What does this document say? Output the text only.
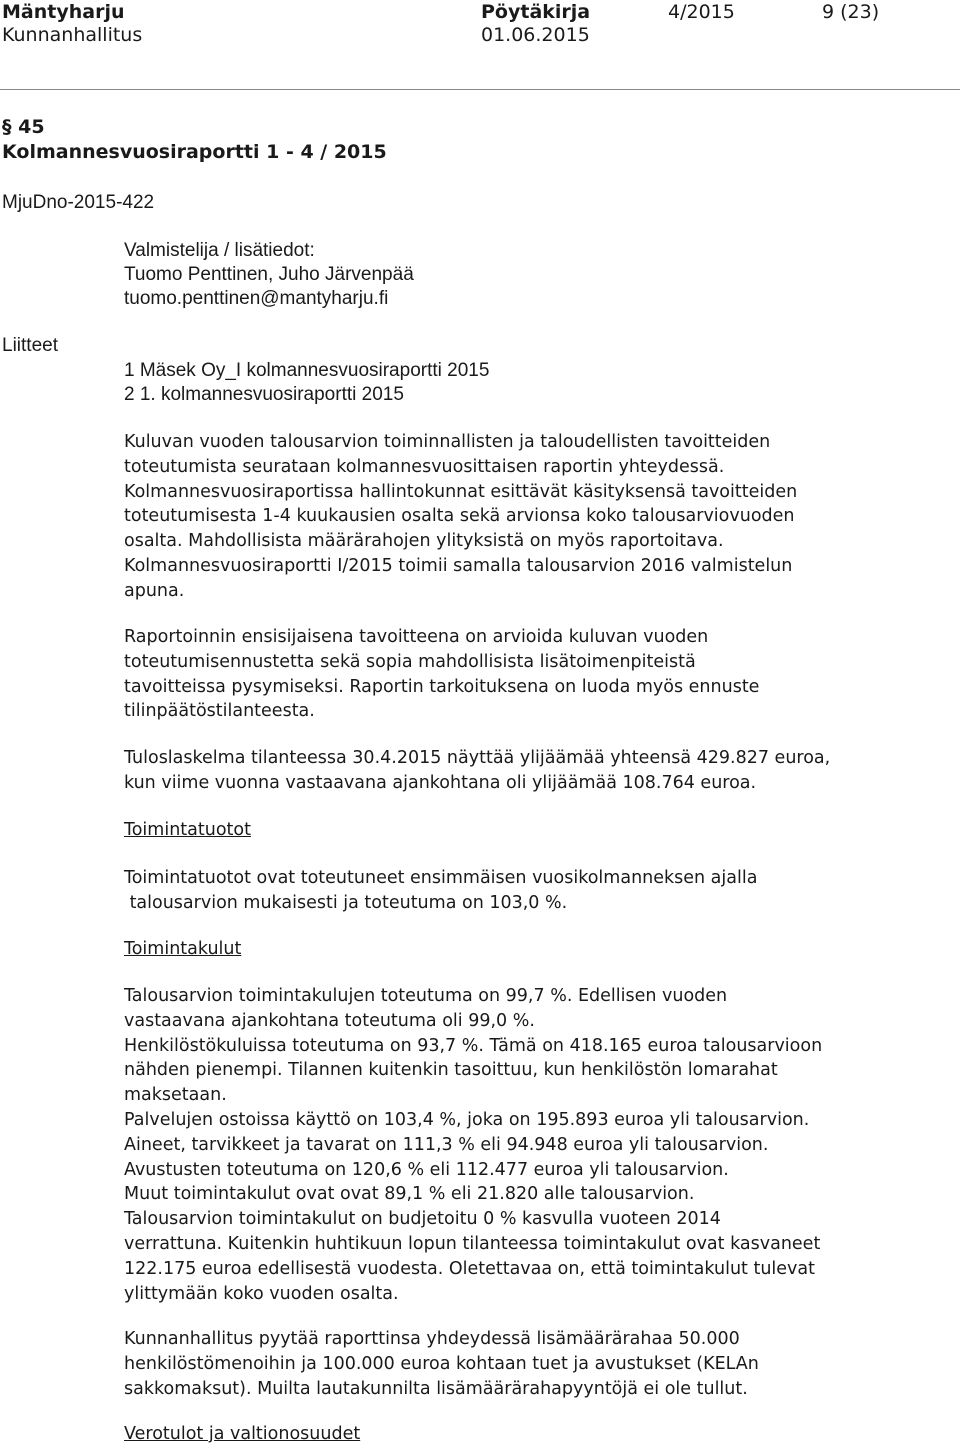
Mäntyharju	Pöytäkirja	4/2015	9 (23)
Kunnanhallitus	01.06.2015
§ 45
Kolmannesvuosiraportti 1 - 4 / 2015
MjuDno-2015-422
Valmistelija / lisätiedot:
Tuomo Penttinen, Juho Järvenpää
tuomo.penttinen@mantyharju.fi
Liitteet
1 Mäsek Oy_I kolmannesvuosiraportti 2015
2 1. kolmannesvuosiraportti 2015

Kuluvan vuoden talousarvion toiminnallisten ja taloudellisten tavoitteiden

toteutumista seurataan kolmannesvuosittaisen raportin yhteydessä.

Kolmannesvuosiraportissa hallintokunnat esittävät käsityksensä tavoitteiden

toteutumisesta 1-4 kuukausien osalta sekä arvionsa koko talousarviovuoden

osalta. Mahdollisista määrärahojen ylityksistä on myös raportoitava.

Kolmannesvuosiraportti I/2015 toimii samalla talousarvion 2016 valmistelun

apuna.

Raportoinnin ensisijaisena tavoitteena on arvioida kuluvan vuoden

toteutumisennustetta sekä sopia mahdollisista lisätoimenpiteistä

tavoitteissa pysymiseksi. Raportin tarkoituksena on luoda myös ennuste

tilinpäätöstilanteesta.

Tuloslaskelma tilanteessa 30.4.2015 näyttää ylijäämää yhteensä 429.827 euroa,

kun viime vuonna vastaavana ajankohtana oli ylijäämää 108.764 euroa.

Toimintatuotot

Toimintatuotot ovat toteutuneet ensimmäisen vuosikolmanneksen ajalla

talousarvion mukaisesti ja toteutuma on 103,0 %.

Toimintakulut

Talousarvion toimintakulujen toteutuma on 99,7 %. Edellisen vuoden

vastaavana ajankohtana toteutuma oli 99,0 %.

Henkilöstökuluissa toteutuma on 93,7 %. Tämä on 418.165 euroa talousarvioon

nähden pienempi. Tilannen kuitenkin tasoittuu, kun henkilöstön lomarahat

maksetaan.

Palvelujen ostoissa käyttö on 103,4 %, joka on 195.893 euroa yli talousarvion.

Aineet, tarvikkeet ja tavarat on 111,3 % eli 94.948 euroa yli talousarvion.

Avustusten toteutuma on 120,6 % eli 112.477 euroa yli talousarvion.

Muut toimintakulut ovat ovat 89,1 % eli 21.820 alle talousarvion.

Talousarvion toimintakulut on budjetoitu 0 % kasvulla vuoteen 2014

verrattuna. Kuitenkin huhtikuun lopun tilanteessa toimintakulut ovat kasvaneet

122.175 euroa edellisestä vuodesta. Oletettavaa on, että toimintakulut tulevat

ylittymään koko vuoden osalta.

Kunnanhallitus pyytää raporttinsa yhdeydessä lisämäärärahaa 50.000

henkilöstömenoihin ja 100.000 euroa kohtaan tuet ja avustukset (KELAn

sakkomaksut). Muilta lautakunnilta lisämäärärahapyyntöjä ei ole tullut.

Verotulot ja valtionosuudet
